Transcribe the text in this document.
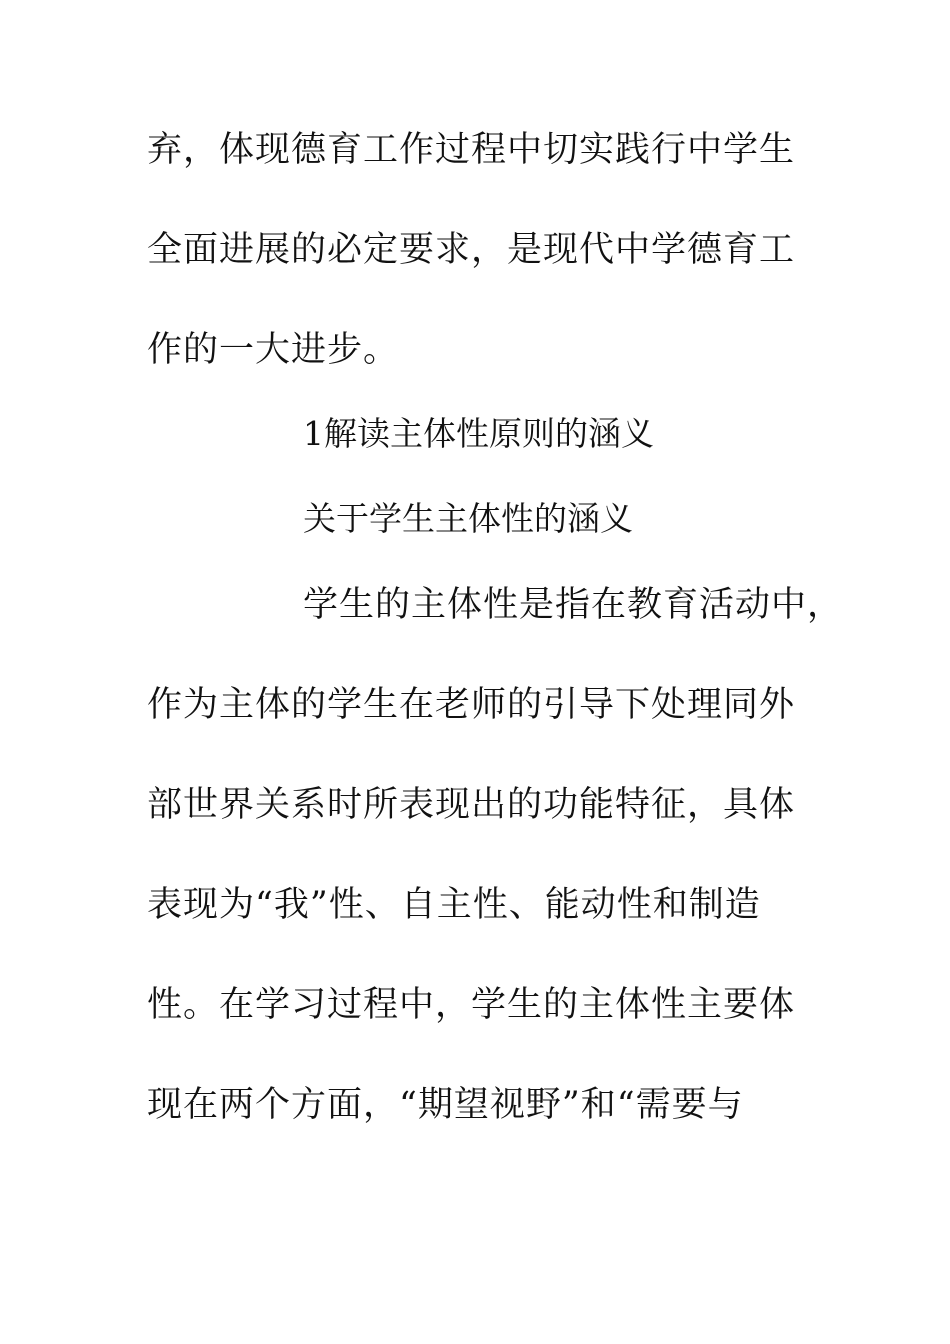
弃，体现德育工作过程中切实践行中学生
全面进展的必定要求，是现代中学德育工
作的一大进步。
1解读主体性原则的涵义
关于学生主体性的涵义
学生的主体性是指在教育活动中，
作为主体的学生在老师的引导下处理同外
部世界关系时所表现出的功能特征，具体
表现为“我”性、自主性、能动性和制造
性。在学习过程中，学生的主体性主要体
现在两个方面，“期望视野”和“需要与
